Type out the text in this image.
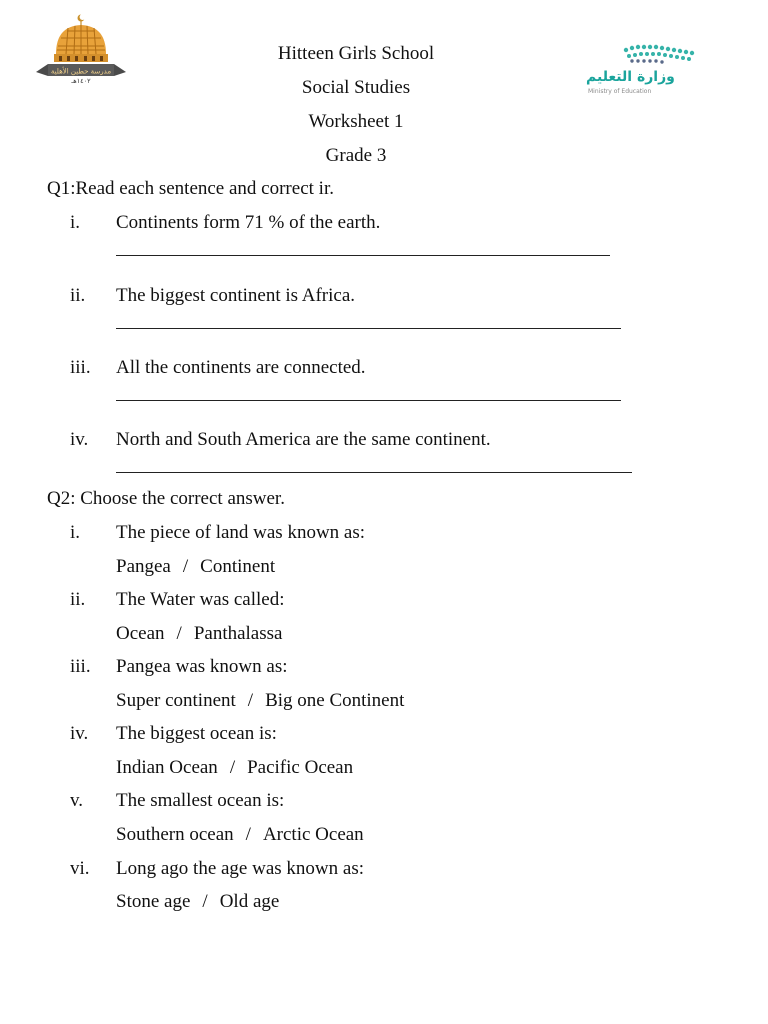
مدرسة حطين الأهلية
١٤٠٢هـ	وزارة التعليم
Ministry of Education
Hitteen Girls School
Social Studies
Worksheet 1
Grade 3
Q1:Read each sentence and correct ir.
i. Continents form 71 % of the earth.
ii. The biggest continent is Africa.
iii. All the continents are connected.
iv. North and South America are the same continent.
Q2: Choose the correct answer.
i. The piece of land was known as:
Pangea / Continent
ii. The Water was called:
Ocean / Panthalassa
iii. Pangea was known as:
Super continent / Big one Continent
iv. The biggest ocean is:
Indian Ocean / Pacific Ocean
v. The smallest ocean is:
Southern ocean / Arctic Ocean
vi. Long ago the age was known as:
Stone age / Old age
